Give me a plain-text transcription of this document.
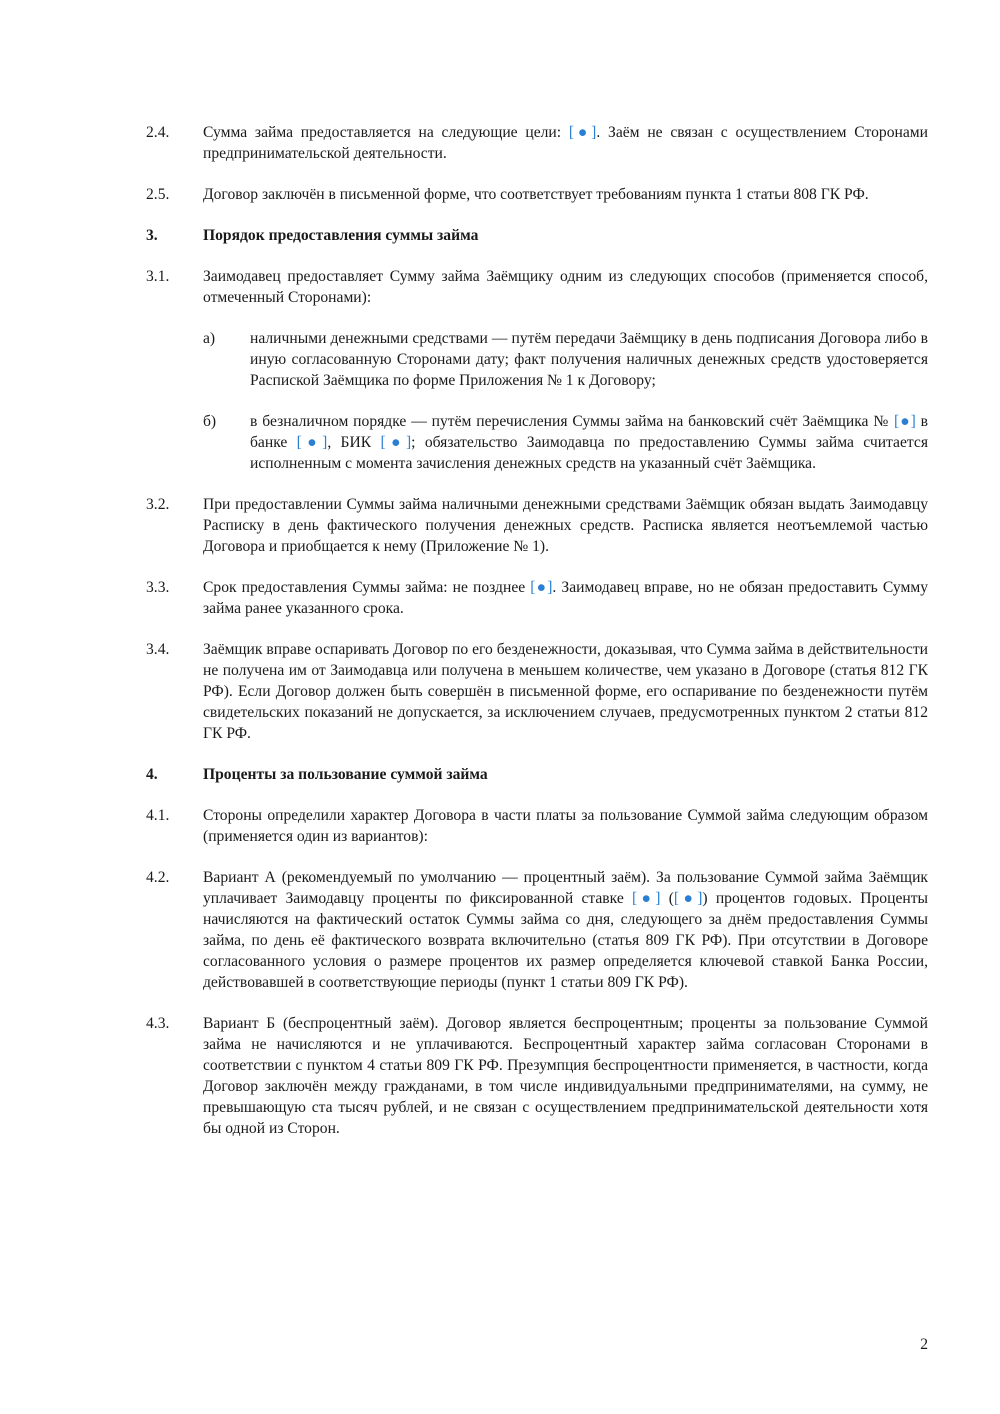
2.4.	Сумма займа предоставляется на следующие цели: [●]. Заём не связан с осуществлением Сторонами предпринимательской деятельности.
2.5.	Договор заключён в письменной форме, что соответствует требованиям пункта 1 статьи 808 ГК РФ.
3.	Порядок предоставления суммы займа
3.1.	Заимодавец предоставляет Сумму займа Заёмщику одним из следующих способов (применяется способ, отмеченный Сторонами):
а)	наличными денежными средствами — путём передачи Заёмщику в день подписания Договора либо в иную согласованную Сторонами дату; факт получения наличных денежных средств удостоверяется Распиской Заёмщика по форме Приложения № 1 к Договору;
б)	в безналичном порядке — путём перечисления Суммы займа на банковский счёт Заёмщика № [●] в банке [●], БИК [●]; обязательство Заимодавца по предоставлению Суммы займа считается исполненным с момента зачисления денежных средств на указанный счёт Заёмщика.
3.2.	При предоставлении Суммы займа наличными денежными средствами Заёмщик обязан выдать Заимодавцу Расписку в день фактического получения денежных средств. Расписка является неотъемлемой частью Договора и приобщается к нему (Приложение № 1).
3.3.	Срок предоставления Суммы займа: не позднее [●]. Заимодавец вправе, но не обязан предоставить Сумму займа ранее указанного срока.
3.4.	Заёмщик вправе оспаривать Договор по его безденежности, доказывая, что Сумма займа в действительности не получена им от Заимодавца или получена в меньшем количестве, чем указано в Договоре (статья 812 ГК РФ). Если Договор должен быть совершён в письменной форме, его оспаривание по безденежности путём свидетельских показаний не допускается, за исключением случаев, предусмотренных пунктом 2 статьи 812 ГК РФ.
4.	Проценты за пользование суммой займа
4.1.	Стороны определили характер Договора в части платы за пользование Суммой займа следующим образом (применяется один из вариантов):
4.2.	Вариант А (рекомендуемый по умолчанию — процентный заём). За пользование Суммой займа Заёмщик уплачивает Заимодавцу проценты по фиксированной ставке [●] ([●]) процентов годовых. Проценты начисляются на фактический остаток Суммы займа со дня, следующего за днём предоставления Суммы займа, по день её фактического возврата включительно (статья 809 ГК РФ). При отсутствии в Договоре согласованного условия о размере процентов их размер определяется ключевой ставкой Банка России, действовавшей в соответствующие периоды (пункт 1 статьи 809 ГК РФ).
4.3.	Вариант Б (беспроцентный заём). Договор является беспроцентным; проценты за пользование Суммой займа не начисляются и не уплачиваются. Беспроцентный характер займа согласован Сторонами в соответствии с пунктом 4 статьи 809 ГК РФ. Презумпция беспроцентности применяется, в частности, когда Договор заключён между гражданами, в том числе индивидуальными предпринимателями, на сумму, не превышающую ста тысяч рублей, и не связан с осуществлением предпринимательской деятельности хотя бы одной из Сторон.
2
